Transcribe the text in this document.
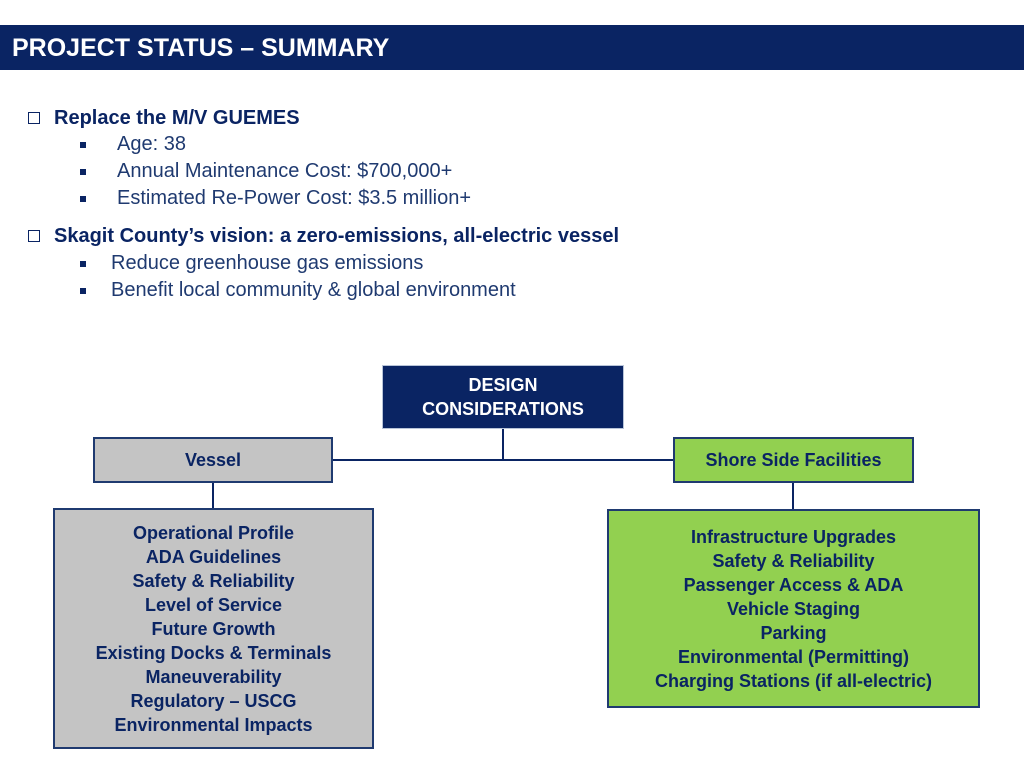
PROJECT STATUS – SUMMARY
Replace the M/V GUEMES
Age: 38
Annual Maintenance Cost: $700,000+
Estimated Re-Power Cost: $3.5 million+
Skagit County’s vision: a zero-emissions, all-electric vessel
Reduce greenhouse gas emissions
Benefit local community & global environment
DESIGN
CONSIDERATIONS
Vessel	Shore Side Facilities
Operational Profile
ADA Guidelines
Safety & Reliability
Level of Service
Future Growth
Existing Docks & Terminals
Maneuverability
Regulatory – USCG
Environmental Impacts
Infrastructure Upgrades
Safety & Reliability
Passenger Access & ADA
Vehicle Staging
Parking
Environmental (Permitting)
Charging Stations (if all-electric)
